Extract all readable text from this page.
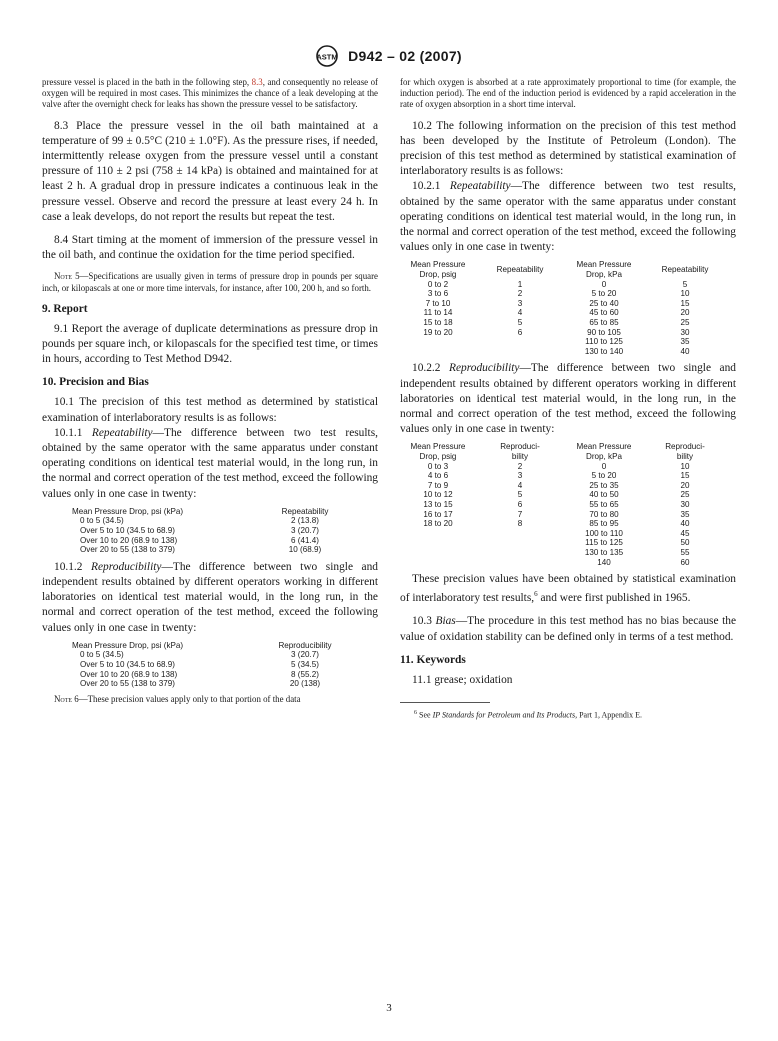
ASTM D942 – 02 (2007)

pressure vessel is placed in the bath in the following step, 8.3, and consequently no release of oxygen will be required in most cases. This minimizes the chance of a leak developing at the valve after the overnight check for leaks has shown the pressure vessel to be satisfactory.

8.3 Place the pressure vessel in the oil bath maintained at a temperature of 99 ± 0.5°C (210 ± 1.0°F). As the pressure rises, if needed, intermittently release oxygen from the pressure vessel until a constant pressure of 110 ± 2 psi (758 ± 14 kPa) is obtained and maintained for at least 2 h. A gradual drop in pressure indicates a continuous leak in the pressure vessel. Observe and record the pressure at least every 24 h. In case a leak develops, do not report the results but repeat the test.

8.4 Start timing at the moment of immersion of the pressure vessel in the oil bath, and continue the oxidation for the time period specified.

Note 5—Specifications are usually given in terms of pressure drop in pounds per square inch, or kilopascals at one or more time intervals, for instance, after 100, 200 h, and so forth.

9. Report

9.1 Report the average of duplicate determinations as pressure drop in pounds per square inch, or kilopascals for the specified test time, or times in hours, according to Test Method D942.

10. Precision and Bias

10.1 The precision of this test method as determined by statistical examination of interlaboratory results is as follows:

10.1.1 Repeatability—The difference between two test results, obtained by the same operator with the same apparatus under constant operating conditions on identical test material would, in the long run, in the normal and correct operation of the test method, exceed the following values only in one case in twenty:

Mean Pressure Drop, psi (kPa)	Repeatability
0 to 5 (34.5)	2 (13.8)
Over 5 to 10 (34.5 to 68.9)	3 (20.7)
Over 10 to 20 (68.9 to 138)	6 (41.4)
Over 20 to 55 (138 to 379)	10 (68.9)

10.1.2 Reproducibility—The difference between two single and independent results obtained by different operators working in different laboratories on identical test material would, in the long run, in the normal and correct operation of the test method, exceed the following values only in one case in twenty:

Mean Pressure Drop, psi (kPa)	Reproducibility
0 to 5 (34.5)	3 (20.7)
Over 5 to 10 (34.5 to 68.9)	5 (34.5)
Over 10 to 20 (68.9 to 138)	8 (55.2)
Over 20 to 55 (138 to 379)	20 (138)

Note 6—These precision values apply only to that portion of the data

for which oxygen is absorbed at a rate approximately proportional to time (for example, the induction period). The end of the induction period is evidenced by a rapid acceleration in the rate of oxygen absorption in a short time interval.

10.2 The following information on the precision of this test method has been developed by the Institute of Petroleum (London). The precision of this test method as determined by statistical examination of interlaboratory results is as follows:

10.2.1 Repeatability—The difference between two test results, obtained by the same operator with the same apparatus under constant operating conditions on identical test material would, in the long run, in the normal and correct operation of the test method, exceed the following values only in one case in twenty:

Mean Pressure	Repeatability	Mean Pressure	Repeatability
Drop, psig		Drop, kPa	
0 to 2	1	0	5
3 to 6	2	5 to 20	10
7 to 10	3	25 to 40	15
11 to 14	4	45 to 60	20
15 to 18	5	65 to 85	25
19 to 20	6	90 to 105	30
		110 to 125	35
		130 to 140	40

10.2.2 Reproducibility—The difference between two single and independent results obtained by different operators working in different laboratories on identical test material would, in the long run, in the normal and correct operation of the test method, exceed the following values only in one case in twenty:

Mean Pressure	Reproduci-	Mean Pressure	Reproduci-
Drop, psig	bility	Drop, kPa	bility
0 to 3	2	0	10
4 to 6	3	5 to 20	15
7 to 9	4	25 to 35	20
10 to 12	5	40 to 50	25
13 to 15	6	55 to 65	30
16 to 17	7	70 to 80	35
18 to 20	8	85 to 95	40
		100 to 110	45
		115 to 125	50
		130 to 135	55
		140	60

These precision values have been obtained by statistical examination of interlaboratory test results,$^6$ and were first published in 1965.

10.3 Bias—The procedure in this test method has no bias because the value of oxidation stability can be defined only in terms of a test method.

11. Keywords

11.1 grease; oxidation

$^6$ See IP Standards for Petroleum and Its Products, Part 1, Appendix E.

3
